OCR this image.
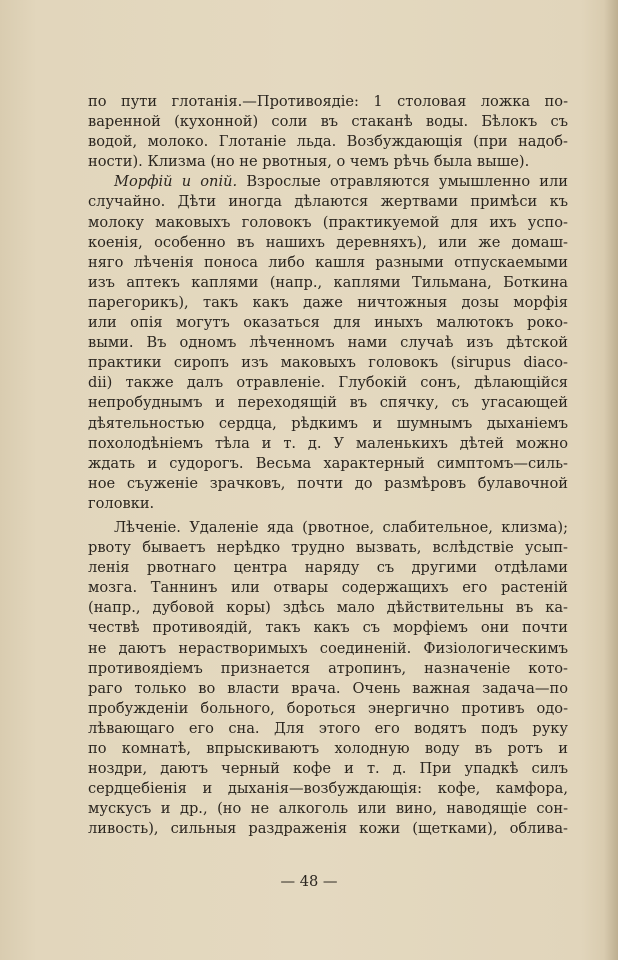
по пути глотанія.—Противоядіе: 1 столовая ложка по-
варенной (кухонной) соли въ стаканѣ воды. Бѣлокъ съ
водой, молоко. Глотаніе льда. Возбуждающія (при надоб-
ности). Клизма (но не рвотныя, о чемъ рѣчь была выше).
Морфій и опій. Взрослые отравляются умышленно или
случайно. Дѣти иногда дѣлаются жертвами примѣси къ
молоку маковыхъ головокъ (практикуемой для ихъ успо-
коенія, особенно въ нашихъ деревняхъ), или же домаш-
няго лѣченія поноса либо кашля разными отпускаемыми
изъ аптекъ каплями (напр., каплями Тильмана, Боткина
парегорикъ), такъ какъ даже ничтожныя дозы морфія
или опія могутъ оказаться для иныхъ малютокъ роко-
выми. Въ одномъ лѣченномъ нами случаѣ изъ дѣтской
практики сиропъ изъ маковыхъ головокъ (sirupus diaco-
dii) также далъ отравленіе. Глубокій сонъ, дѣлающійся
непробуднымъ и переходящій въ спячку, съ угасающей
дѣятельностью сердца, рѣдкимъ и шумнымъ дыханіемъ
похолодѣніемъ тѣла и т. д. У маленькихъ дѣтей можно
ждать и судорогъ. Весьма характерный симптомъ—силь-
ное съуженіе зрачковъ, почти до размѣровъ булавочной
головки.
Лѣченіе. Удаленіе яда (рвотное, слабительное, клизма);
рвоту бываетъ нерѣдко трудно вызвать, вслѣдствіе усып-
ленія рвотнаго центра наряду съ другими отдѣлами
мозга. Таннинъ или отвары содержащихъ его растеній
(напр., дубовой коры) здѣсь мало дѣйствительны въ ка-
чествѣ противоядій, такъ какъ съ морфіемъ они почти
не даютъ нерастворимыхъ соединеній. Физіологическимъ
противоядіемъ признается атропинъ, назначеніе кото-
раго только во власти врача. Очень важная задача—по
пробужденіи больного, бороться энергично противъ одо-
лѣвающаго его сна. Для этого его водятъ подъ руку
по комнатѣ, впрыскиваютъ холодную воду въ ротъ и
ноздри, даютъ черный кофе и т. д. При упадкѣ силъ
сердцебіенія и дыханія—возбуждающія: кофе, камфора,
мускусъ и др., (но не алкоголь или вино, наводящіе сон-
ливость), сильныя раздраженія кожи (щетками), облива-
— 48 —
